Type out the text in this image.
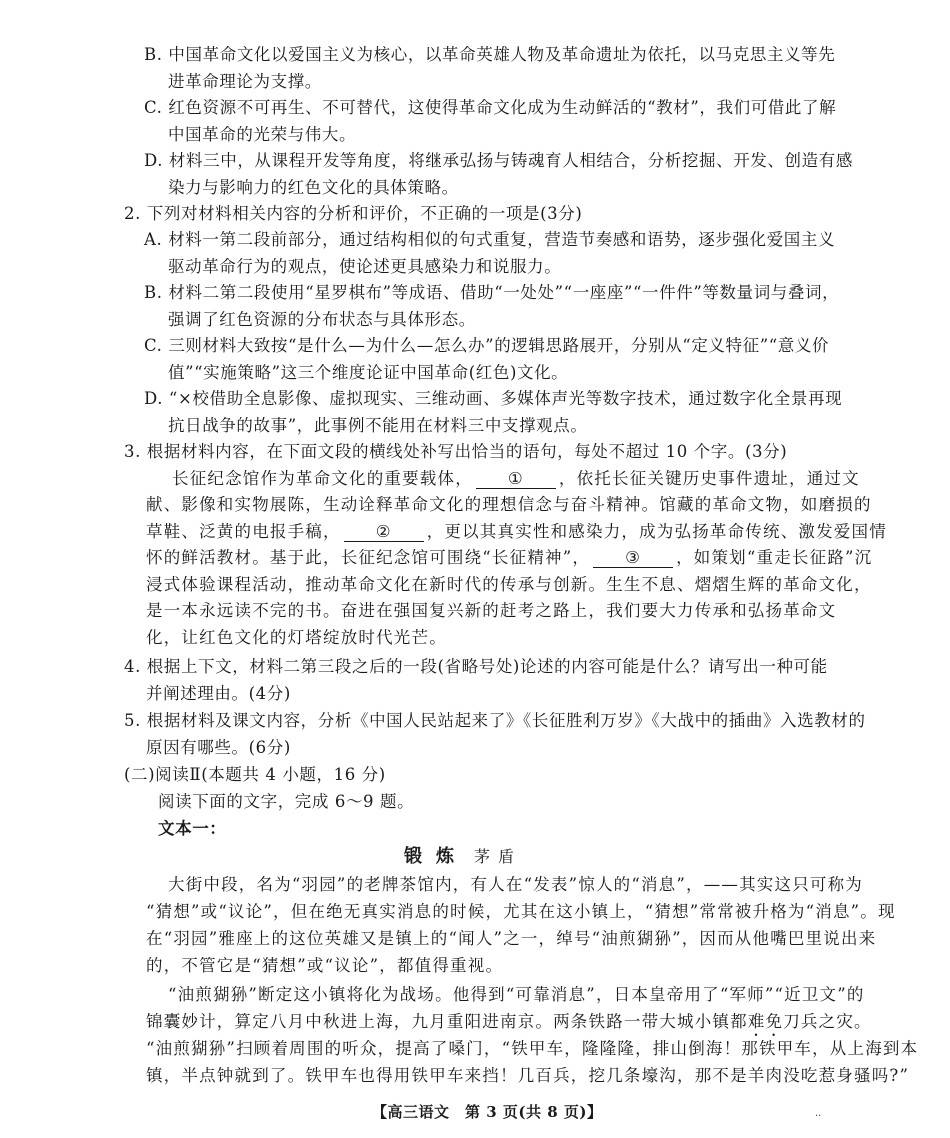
B. 中国革命文化以爱国主义为核心，以革命英雄人物及革命遗址为依托，以马克思主义等先
进革命理论为支撑。
C. 红色资源不可再生、不可替代，这使得革命文化成为生动鲜活的“教材”，我们可借此了解
中国革命的光荣与伟大。
D. 材料三中，从课程开发等角度，将继承弘扬与铸魂育人相结合，分析挖掘、开发、创造有感
染力与影响力的红色文化的具体策略。
2. 下列对材料相关内容的分析和评价，不正确的一项是(3分)
A. 材料一第二段前部分，通过结构相似的句式重复，营造节奏感和语势，逐步强化爱国主义
驱动革命行为的观点，使论述更具感染力和说服力。
B. 材料二第二段使用“星罗棋布”等成语、借助“一处处”“一座座”“一件件”等数量词与叠词，
强调了红色资源的分布状态与具体形态。
C. 三则材料大致按“是什么—为什么—怎么办”的逻辑思路展开，分别从“定义特征”“意义价
值”“实施策略”这三个维度论证中国革命(红色)文化。
D. “×校借助全息影像、虚拟现实、三维动画、多媒体声光等数字技术，通过数字化全景再现
抗日战争的故事”，此事例不能用在材料三中支撑观点。
3. 根据材料内容，在下面文段的横线处补写出恰当的语句，每处不超过 10 个字。(3分)
长征纪念馆作为革命文化的重要载体， ① ，依托长征关键历史事件遗址，通过文
献、影像和实物展陈，生动诠释革命文化的理想信念与奋斗精神。馆藏的革命文物，如磨损的
草鞋、泛黄的电报手稿， ② ，更以其真实性和感染力，成为弘扬革命传统、激发爱国情
怀的鲜活教材。基于此，长征纪念馆可围绕“长征精神”， ③ ，如策划“重走长征路”沉
浸式体验课程活动，推动革命文化在新时代的传承与创新。生生不息、熠熠生辉的革命文化，
是一本永远读不完的书。奋进在强国复兴新的赶考之路上，我们要大力传承和弘扬革命文
化，让红色文化的灯塔绽放时代光芒。
4. 根据上下文，材料二第三段之后的一段(省略号处)论述的内容可能是什么？请写出一种可能
并阐述理由。(4分)
5. 根据材料及课文内容，分析《中国人民站起来了》《长征胜利万岁》《大战中的插曲》入选教材的
原因有哪些。(6分)
(二)阅读Ⅱ(本题共 4 小题，16 分)
阅读下面的文字，完成 6～9 题。
文本一：
锻炼 茅盾
大街中段，名为“羽园”的老牌茶馆内，有人在“发表”惊人的“消息”，——其实这只可称为
“猜想”或“议论”，但在绝无真实消息的时候，尤其在这小镇上，“猜想”常常被升格为“消息”。现
在“羽园”雅座上的这位英雄又是镇上的“闻人”之一，绰号“油煎猢狲”，因而从他嘴巴里说出来
的，不管它是“猜想”或“议论”，都值得重视。
“油煎猢狲”断定这小镇将化为战场。他得到“可靠消息”，日本皇帝用了“军师”“近卫文”的
锦囊妙计，算定八月中秋进上海，九月重阳进南京。两条铁路一带大城小镇都难免刀兵之灾。
“油煎猢狲”扫顾着周围的听众，提高了嗓门，“铁甲车，隆隆隆，排山倒海！那铁甲车，从上海到本
镇，半点钟就到了。铁甲车也得用铁甲车来挡！几百兵，挖几条壕沟，那不是羊肉没吃惹身骚吗?”
【高三语文　第 3 页(共 8 页)】	..
